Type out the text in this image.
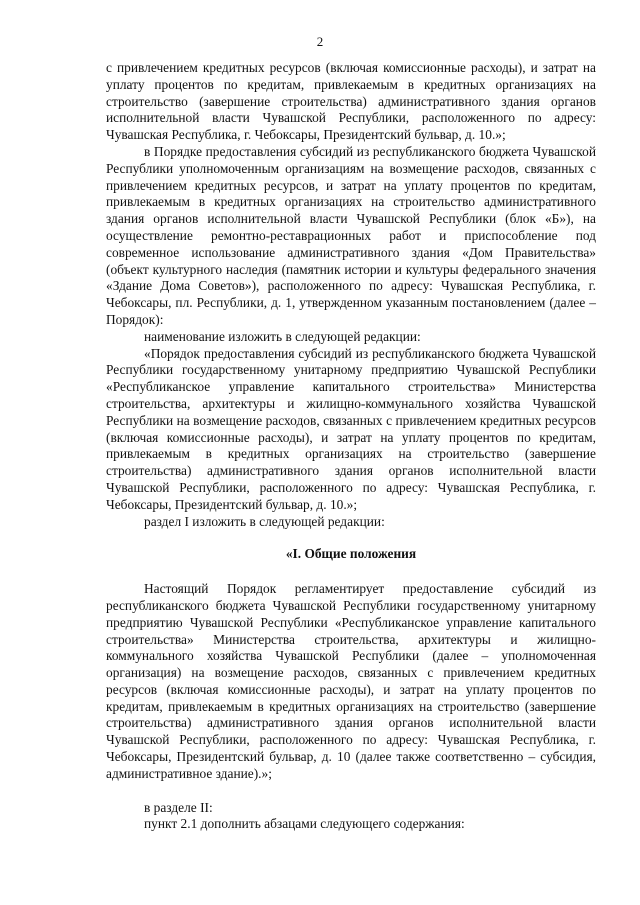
2

с привлечением кредитных ресурсов (включая комиссионные расходы), и затрат на уплату процентов по кредитам, привлекаемым в кредитных организациях на строительство (завершение строительства) административного здания органов исполнительной власти Чувашской Республики, расположенного по адресу: Чувашская Республика, г. Чебоксары, Президентский бульвар, д. 10.»;

в Порядке предоставления субсидий из республиканского бюджета Чувашской Республики уполномоченным организациям на возмещение расходов, связанных с привлечением кредитных ресурсов, и затрат на уплату процентов по кредитам, привлекаемым в кредитных организациях на строительство административного здания органов исполнительной власти Чувашской Республики (блок «Б»), на осуществление ремонтно-реставрационных работ и приспособление под современное использование административного здания «Дом Правительства» (объект культурного наследия (памятник истории и культуры федерального значения «Здание Дома Советов»), расположенного по адресу: Чувашская Республика, г. Чебоксары, пл. Республики, д. 1, утвержденном указанным постановлением (далее – Порядок):

наименование изложить в следующей редакции:

«Порядок предоставления субсидий из республиканского бюджета Чувашской Республики государственному унитарному предприятию Чувашской Республики «Республиканское управление капитального строительства» Министерства строительства, архитектуры и жилищно-коммунального хозяйства Чувашской Республики на возмещение расходов, связанных с привлечением кредитных ресурсов (включая комиссионные расходы), и затрат на уплату процентов по кредитам, привлекаемым в кредитных организациях на строительство (завершение строительства) административного здания органов исполнительной власти Чувашской Республики, расположенного по адресу: Чувашская Республика, г. Чебоксары, Президентский бульвар, д. 10.»;

раздел I изложить в следующей редакции:

«I. Общие положения

Настоящий Порядок регламентирует предоставление субсидий из республиканского бюджета Чувашской Республики государственному унитарному предприятию Чувашской Республики «Республиканское управление капитального строительства» Министерства строительства, архитектуры и жилищно-коммунального хозяйства Чувашской Республики (далее – уполномоченная организация) на возмещение расходов, связанных с привлечением кредитных ресурсов (включая комиссионные расходы), и затрат на уплату процентов по кредитам, привлекаемым в кредитных организациях на строительство (завершение строительства) административного здания органов исполнительной власти Чувашской Республики, расположенного по адресу: Чувашская Республика, г. Чебоксары, Президентский бульвар, д. 10 (далее также соответственно – субсидия, административное здание).»;

в разделе II:

пункт 2.1 дополнить абзацами следующего содержания:
